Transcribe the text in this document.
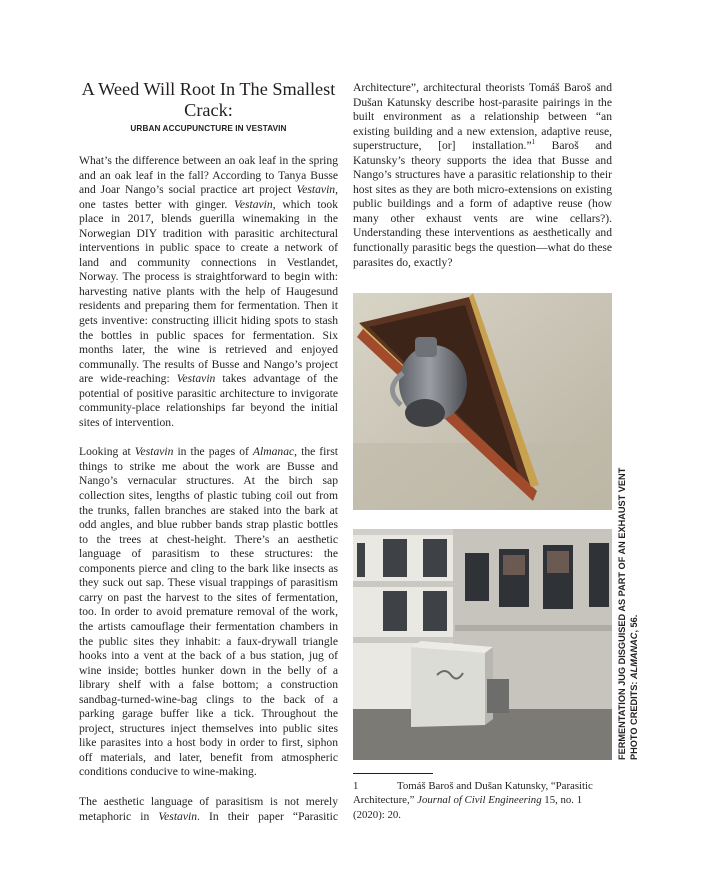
A Weed Will Root In The Smallest Crack:
URBAN ACCUPUNCTURE IN VESTAVIN

What’s the difference between an oak leaf in the spring and an oak leaf in the fall? According to Tanya Busse and Joar Nango’s social practice art project Vestavin, one tastes better with ginger. Vestavin, which took place in 2017, blends guerilla winemaking in the Norwegian DIY tradition with parasitic architectural interventions in public space to create a network of land and community connections in Vestlandet, Norway. The process is straightforward to begin with: harvesting native plants with the help of Haugesund residents and preparing them for fermentation. Then it gets inventive: constructing illicit hiding spots to stash the bottles in public spaces for fermentation. Six months later, the wine is retrieved and enjoyed communally. The results of Busse and Nango’s project are wide-reaching: Vestavin takes advantage of the potential of positive parasitic architecture to invigorate community-place relationships far beyond the initial sites of intervention.

Looking at Vestavin in the pages of Almanac, the first things to strike me about the work are Busse and Nango’s vernacular structures. At the birch sap collection sites, lengths of plastic tubing coil out from the trunks, fallen branches are staked into the bark at odd angles, and blue rubber bands strap plastic bottles to the trees at chest-height. There’s an aesthetic language of parasitism to these structures: the components pierce and cling to the bark like insects as they suck out sap. These visual trappings of parasitism carry on past the harvest to the sites of fermentation, too. In order to avoid premature removal of the work, the artists camouflage their fermentation chambers in the public sites they inhabit: a faux-drywall triangle hooks into a vent at the back of a bus station, jug of wine inside; bottles hunker down in the belly of a library shelf with a false bottom; a construction sandbag-turned-wine-bag clings to the back of a parking garage buffer like a tick. Throughout the project, structures inject themselves into public sites like parasites into a host body in order to first, siphon off materials, and later, benefit from atmospheric conditions conducive to wine-making.

The aesthetic language of parasitism is not merely metaphoric in Vestavin. In their paper “Parasitic

Architecture”, architectural theorists Tomáš Baroš and Dušan Katunsky describe host-parasite pairings in the built environment as a relationship between “an existing building and a new extension, adaptive reuse, superstructure, [or] installation.”$^1$ Baroš and Katunsky’s theory supports the idea that Busse and Nango’s structures have a parasitic relationship to their host sites as they are both micro-extensions on existing public buildings and a form of adaptive reuse (how many other exhaust vents are wine cellars?). Understanding these interventions as aesthetically and functionally parasitic begs the question—what do these parasites do, exactly?

FERMENTATION JUG DISGUISED AS PART OF AN EXHAUST VENT PHOTO CREDITS: ALMANAC, 56.
1	Tomáš Baroš and Dušan Katunsky, “Parasitic Architecture,” Journal of Civil Engineering 15, no. 1 (2020): 20.
